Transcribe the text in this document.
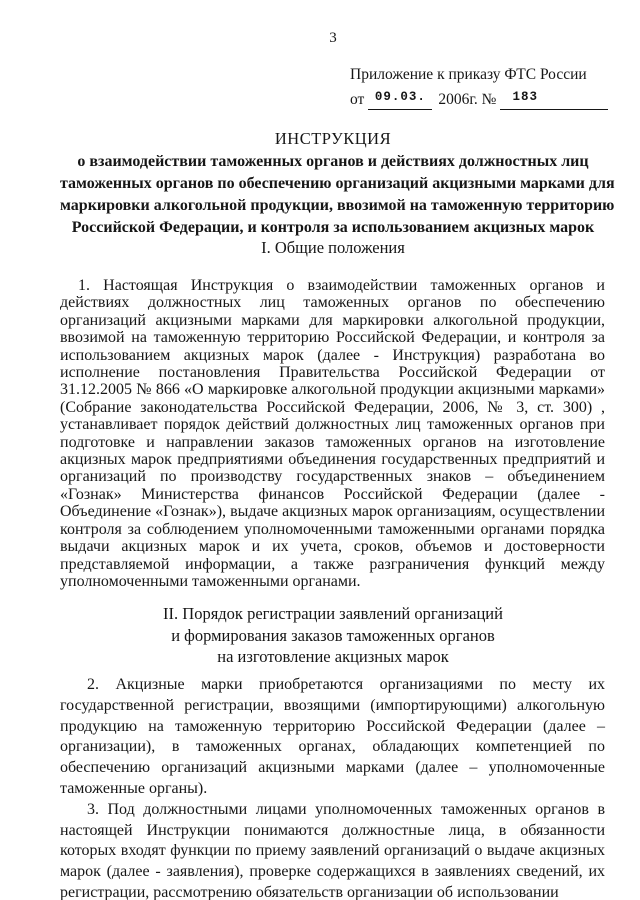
3
Приложение к приказу ФТС России
от 09.03. 2006г. №	183
ИНСТРУКЦИЯ
о взаимодействии таможенных органов и действиях должностных лиц
таможенных органов по обеспечению организаций акцизными марками для
маркировки алкогольной продукции, ввозимой на таможенную территорию
Российской Федерации, и контроля за использованием акцизных марок
I. Общие положения

1. Настоящая Инструкция о взаимодействии таможенных органов и действиях должностных лиц таможенных органов по обеспечению организаций акцизными марками для маркировки алкогольной продукции, ввозимой на таможенную территорию Российской Федерации, и контроля за использованием акцизных марок (далее - Инструкция) разработана во исполнение постановления Правительства Российской Федерации от 31.12.2005 № 866 «О маркировке алкогольной продукции акцизными марками» (Собрание законодательства Российской Федерации, 2006, № 3, ст. 300) , устанавливает порядок действий должностных лиц таможенных органов при подготовке и направлении заказов таможенных органов на изготовление акцизных марок предприятиями объединения государственных предприятий и организаций по производству государственных знаков – объединением «Гознак» Министерства финансов Российской Федерации (далее - Объединение «Гознак»), выдаче акцизных марок организациям, осуществлении контроля за соблюдением уполномоченными таможенными органами порядка выдачи акцизных марок и их учета, сроков, объемов и достоверности представляемой информации, а также разграничения функций между уполномоченными таможенными органами.

II. Порядок регистрации заявлений организаций
и формирования заказов таможенных органов
на изготовление акцизных марок

2. Акцизные марки приобретаются организациями по месту их государственной регистрации, ввозящими (импортирующими) алкогольную продукцию на таможенную территорию Российской Федерации (далее – организации), в таможенных органах, обладающих компетенцией по обеспечению организаций акцизными марками (далее – уполномоченные таможенные органы).

3. Под должностными лицами уполномоченных таможенных органов в настоящей Инструкции понимаются должностные лица, в обязанности которых входят функции по приему заявлений организаций о выдаче акцизных марок (далее - заявления), проверке содержащихся в заявлениях сведений, их регистрации, рассмотрению обязательств организации об использовании
